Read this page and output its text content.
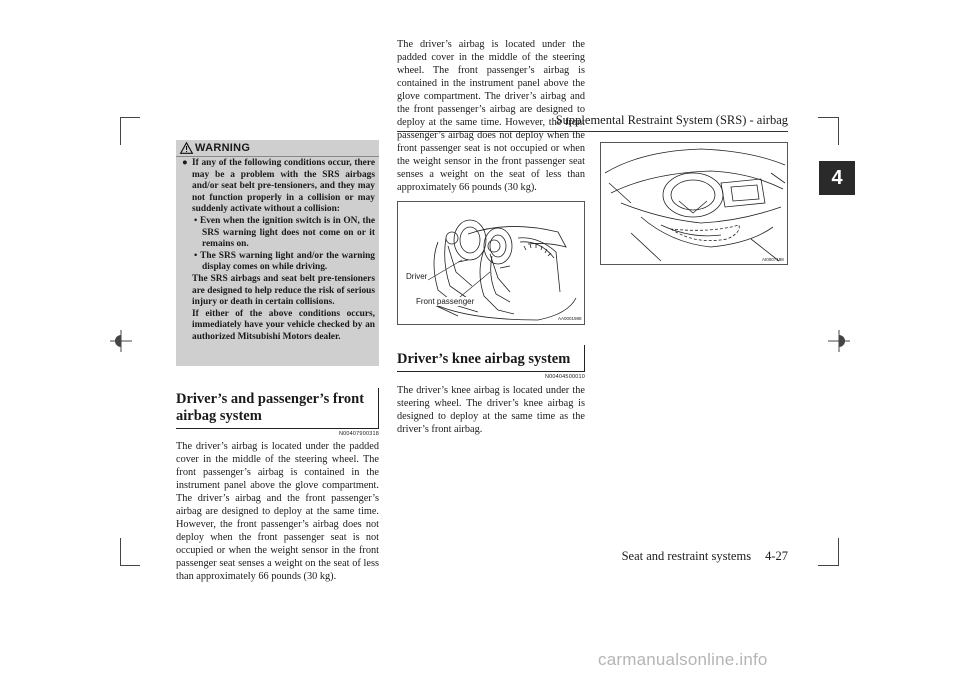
Supplemental Restraint System (SRS) - airbag
4
WARNING

● If any of the following conditions occur, there may be a problem with the SRS airbags and/or seat belt pre-tensioners, and they may not function properly in a collision or may suddenly activate without a collision:

• Even when the ignition switch is in ON, the SRS warning light does not come on or it remains on.

• The SRS warning light and/or the warning display comes on while driving.

The SRS airbags and seat belt pre-tensioners are designed to help reduce the risk of serious injury or death in certain collisions.

If either of the above conditions occurs, immediately have your vehicle checked by an authorized Mitsubishi Motors dealer.

Driver’s and passenger’s front airbag system
N00407900318
The driver’s airbag is located under the padded cover in the middle of the steering wheel. The front passenger’s airbag is contained in the instrument panel above the glove compartment. The driver’s airbag and the front passenger’s airbag are designed to deploy at the same time. However, the front passenger’s airbag does not deploy when the front passenger seat is not occupied or when the weight sensor in the front passenger seat senses a weight on the seat of less than approximately 66 pounds (30 kg).
The driver’s airbag is located under the padded cover in the middle of the steering wheel. The front passenger’s airbag is contained in the instrument panel above the glove compartment. The driver’s airbag and the front passenger’s airbag are designed to deploy at the same time. However, the front passenger’s airbag does not deploy when the front passenger seat is not occupied or when the weight sensor in the front passenger seat senses a weight on the seat of less than approximately 66 pounds (30 kg).
Driver
Front passenger
AA0001988
Driver’s knee airbag system
N00404500010
The driver’s knee airbag is located under the steering wheel. The driver’s knee airbag is designed to deploy at the same time as the driver’s front airbag.
AI0007198
Seat and restraint systems 4-27
carmanualsonline.info
